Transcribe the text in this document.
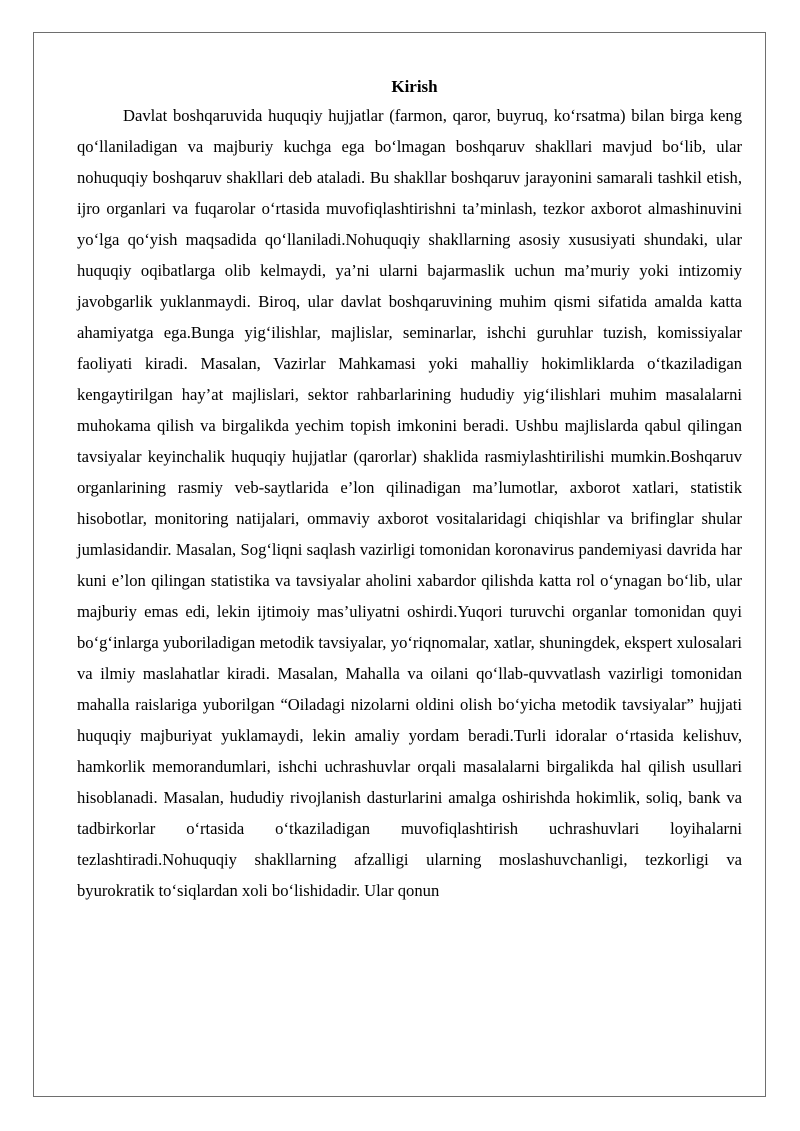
Kirish

Davlat boshqaruvida huquqiy hujjatlar (farmon, qaror, buyruq, ko‘rsatma) bilan birga keng qo‘llaniladigan va majburiy kuchga ega bo‘lmagan boshqaruv shakllari mavjud bo‘lib, ular nohuquqiy boshqaruv shakllari deb ataladi. Bu shakllar boshqaruv jarayonini samarali tashkil etish, ijro organlari va fuqarolar o‘rtasida muvofiqlashtirishni ta’minlash, tezkor axborot almashinuvini yo‘lga qo‘yish maqsadida qo‘llaniladi.Nohuquqiy shakllarning asosiy xususiyati shundaki, ular huquqiy oqibatlarga olib kelmaydi, ya’ni ularni bajarmaslik uchun ma’muriy yoki intizomiy javobgarlik yuklanmaydi. Biroq, ular davlat boshqaruvining muhim qismi sifatida amalda katta ahamiyatga ega.Bunga yig‘ilishlar, majlislar, seminarlar, ishchi guruhlar tuzish, komissiyalar faoliyati kiradi. Masalan, Vazirlar Mahkamasi yoki mahalliy hokimliklarda o‘tkaziladigan kengaytirilgan hay’at majlislari, sektor rahbarlarining hududiy yig‘ilishlari muhim masalalarni muhokama qilish va birgalikda yechim topish imkonini beradi. Ushbu majlislarda qabul qilingan tavsiyalar keyinchalik huquqiy hujjatlar (qarorlar) shaklida rasmiylashtirilishi mumkin.Boshqaruv organlarining rasmiy veb-saytlarida e’lon qilinadigan ma’lumotlar, axborot xatlari, statistik hisobotlar, monitoring natijalari, ommaviy axborot vositalaridagi chiqishlar va brifinglar shular jumlasidandir. Masalan, Sog‘liqni saqlash vazirligi tomonidan koronavirus pandemiyasi davrida har kuni e’lon qilingan statistika va tavsiyalar aholini xabardor qilishda katta rol o‘ynagan bo‘lib, ular majburiy emas edi, lekin ijtimoiy mas’uliyatni oshirdi.Yuqori turuvchi organlar tomonidan quyi bo‘g‘inlarga yuboriladigan metodik tavsiyalar, yo‘riqnomalar, xatlar, shuningdek, ekspert xulosalari va ilmiy maslahatlar kiradi. Masalan, Mahalla va oilani qo‘llab-quvvatlash vazirligi tomonidan mahalla raislariga yuborilgan “Oiladagi nizolarni oldini olish bo‘yicha metodik tavsiyalar” hujjati huquqiy majburiyat yuklamaydi, lekin amaliy yordam beradi.Turli idoralar o‘rtasida kelishuv, hamkorlik memorandumlari, ishchi uchrashuvlar orqali masalalarni birgalikda hal qilish usullari hisoblanadi. Masalan, hududiy rivojlanish dasturlarini amalga oshirishda hokimlik, soliq, bank va tadbirkorlar o‘rtasida o‘tkaziladigan muvofiqlashtirish uchrashuvlari loyihalarni tezlashtiradi.Nohuquqiy shakllarning afzalligi ularning moslashuvchanligi, tezkorligi va byurokratik to‘siqlardan xoli bo‘lishidadir. Ular qonun
